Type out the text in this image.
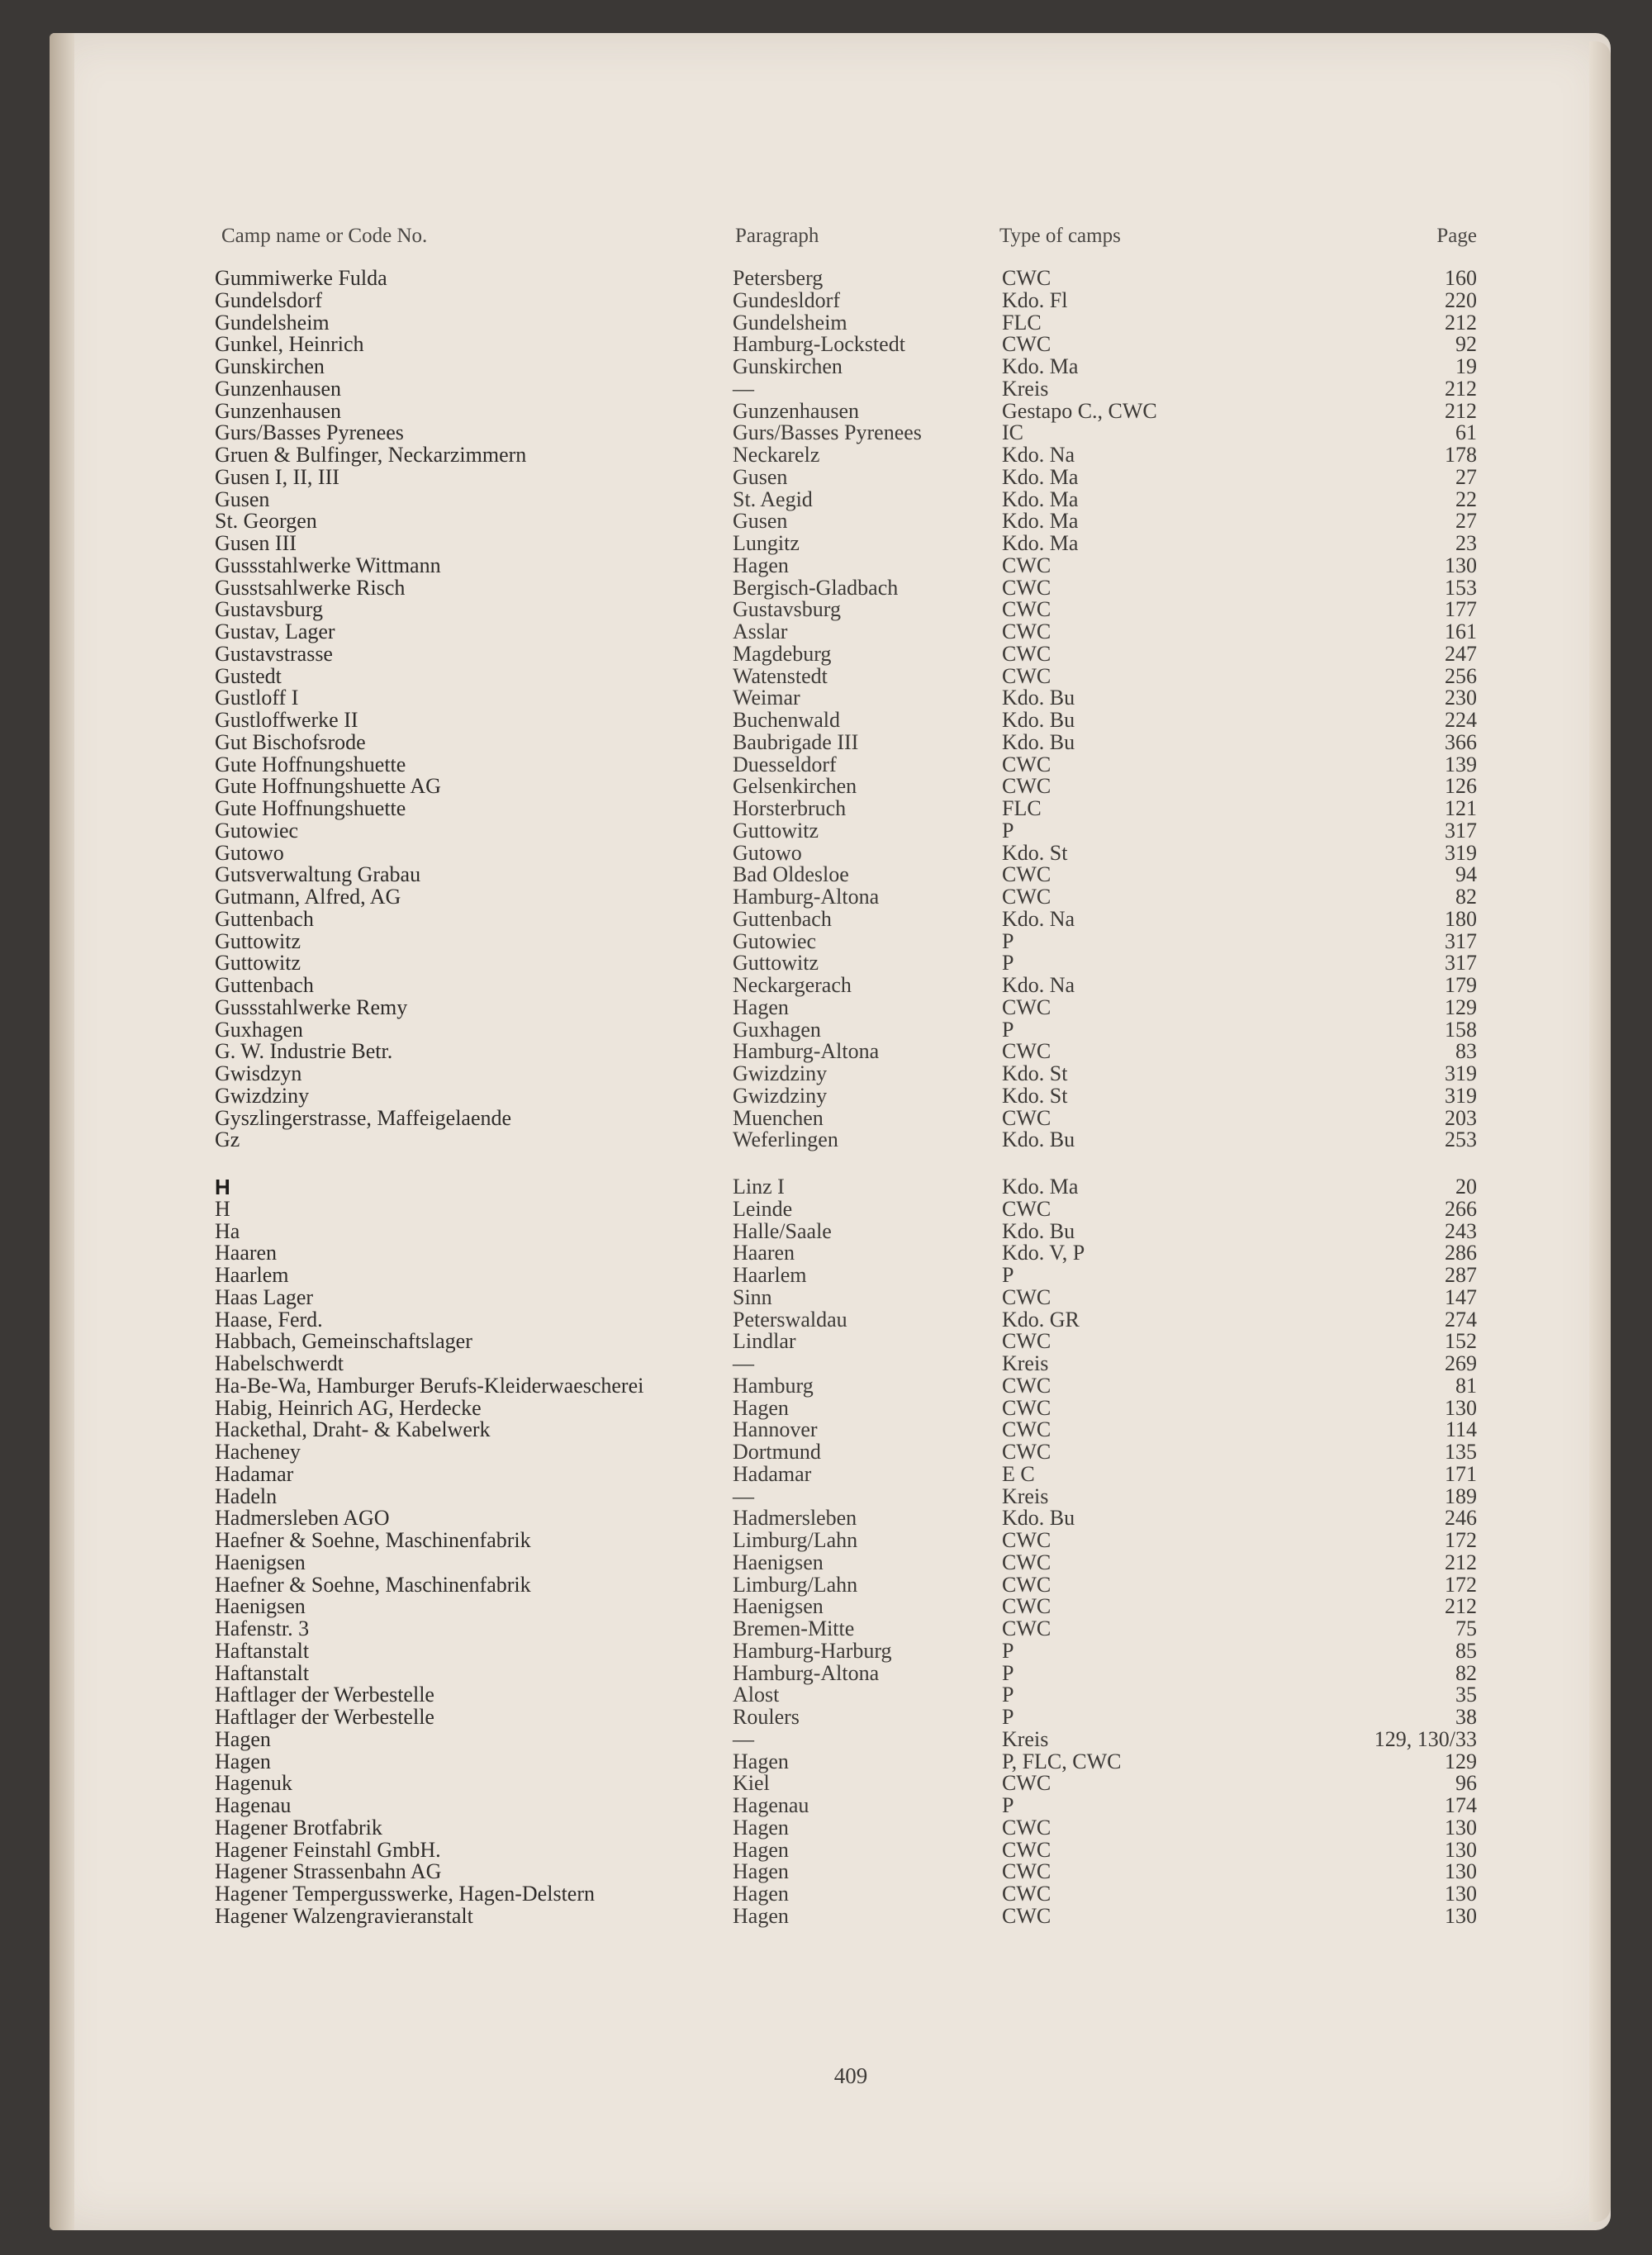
Camp name or Code No.	Paragraph	Type of camps	Page
Gummiwerke Fulda	Petersberg	CWC	160
Gundelsdorf	Gundesldorf	Kdo. Fl	220
Gundelsheim	Gundelsheim	FLC	212
Gunkel, Heinrich	Hamburg-Lockstedt	CWC	92
Gunskirchen	Gunskirchen	Kdo. Ma	19
Gunzenhausen	—	Kreis	212
Gunzenhausen	Gunzenhausen	Gestapo C., CWC	212
Gurs/Basses Pyrenees	Gurs/Basses Pyrenees	IC	61
Gruen & Bulfinger, Neckarzimmern	Neckarelz	Kdo. Na	178
Gusen I, II, III	Gusen	Kdo. Ma	27
Gusen	St. Aegid	Kdo. Ma	22
St. Georgen	Gusen	Kdo. Ma	27
Gusen III	Lungitz	Kdo. Ma	23
Gussstahlwerke Wittmann	Hagen	CWC	130
Gusstsahlwerke Risch	Bergisch-Gladbach	CWC	153
Gustavsburg	Gustavsburg	CWC	177
Gustav, Lager	Asslar	CWC	161
Gustavstrasse	Magdeburg	CWC	247
Gustedt	Watenstedt	CWC	256
Gustloff I	Weimar	Kdo. Bu	230
Gustloffwerke II	Buchenwald	Kdo. Bu	224
Gut Bischofsrode	Baubrigade III	Kdo. Bu	366
Gute Hoffnungshuette	Duesseldorf	CWC	139
Gute Hoffnungshuette AG	Gelsenkirchen	CWC	126
Gute Hoffnungshuette	Horsterbruch	FLC	121
Gutowiec	Guttowitz	P	317
Gutowo	Gutowo	Kdo. St	319
Gutsverwaltung Grabau	Bad Oldesloe	CWC	94
Gutmann, Alfred, AG	Hamburg-Altona	CWC	82
Guttenbach	Guttenbach	Kdo. Na	180
Guttowitz	Gutowiec	P	317
Guttowitz	Guttowitz	P	317
Guttenbach	Neckargerach	Kdo. Na	179
Gussstahlwerke Remy	Hagen	CWC	129
Guxhagen	Guxhagen	P	158
G. W. Industrie Betr.	Hamburg-Altona	CWC	83
Gwisdzyn	Gwizdziny	Kdo. St	319
Gwizdziny	Gwizdziny	Kdo. St	319
Gyszlingerstrasse, Maffeigelaende	Muenchen	CWC	203
Gz	Weferlingen	Kdo. Bu	253
H	Linz I	Kdo. Ma	20
H	Leinde	CWC	266
Ha	Halle/Saale	Kdo. Bu	243
Haaren	Haaren	Kdo. V, P	286
Haarlem	Haarlem	P	287
Haas Lager	Sinn	CWC	147
Haase, Ferd.	Peterswaldau	Kdo. GR	274
Habbach, Gemeinschaftslager	Lindlar	CWC	152
Habelschwerdt	—	Kreis	269
Ha-Be-Wa, Hamburger Berufs-Kleiderwaescherei	Hamburg	CWC	81
Habig, Heinrich AG, Herdecke	Hagen	CWC	130
Hackethal, Draht- & Kabelwerk	Hannover	CWC	114
Hacheney	Dortmund	CWC	135
Hadamar	Hadamar	E C	171
Hadeln	—	Kreis	189
Hadmersleben AGO	Hadmersleben	Kdo. Bu	246
Haefner & Soehne, Maschinenfabrik	Limburg/Lahn	CWC	172
Haenigsen	Haenigsen	CWC	212
Haefner & Soehne, Maschinenfabrik	Limburg/Lahn	CWC	172
Haenigsen	Haenigsen	CWC	212
Hafenstr. 3	Bremen-Mitte	CWC	75
Haftanstalt	Hamburg-Harburg	P	85
Haftanstalt	Hamburg-Altona	P	82
Haftlager der Werbestelle	Alost	P	35
Haftlager der Werbestelle	Roulers	P	38
Hagen	—	Kreis	129, 130/33
Hagen	Hagen	P, FLC, CWC	129
Hagenuk	Kiel	CWC	96
Hagenau	Hagenau	P	174
Hagener Brotfabrik	Hagen	CWC	130
Hagener Feinstahl GmbH.	Hagen	CWC	130
Hagener Strassenbahn AG	Hagen	CWC	130
Hagener Tempergusswerke, Hagen-Delstern	Hagen	CWC	130
Hagener Walzengravieranstalt	Hagen	CWC	130
409
